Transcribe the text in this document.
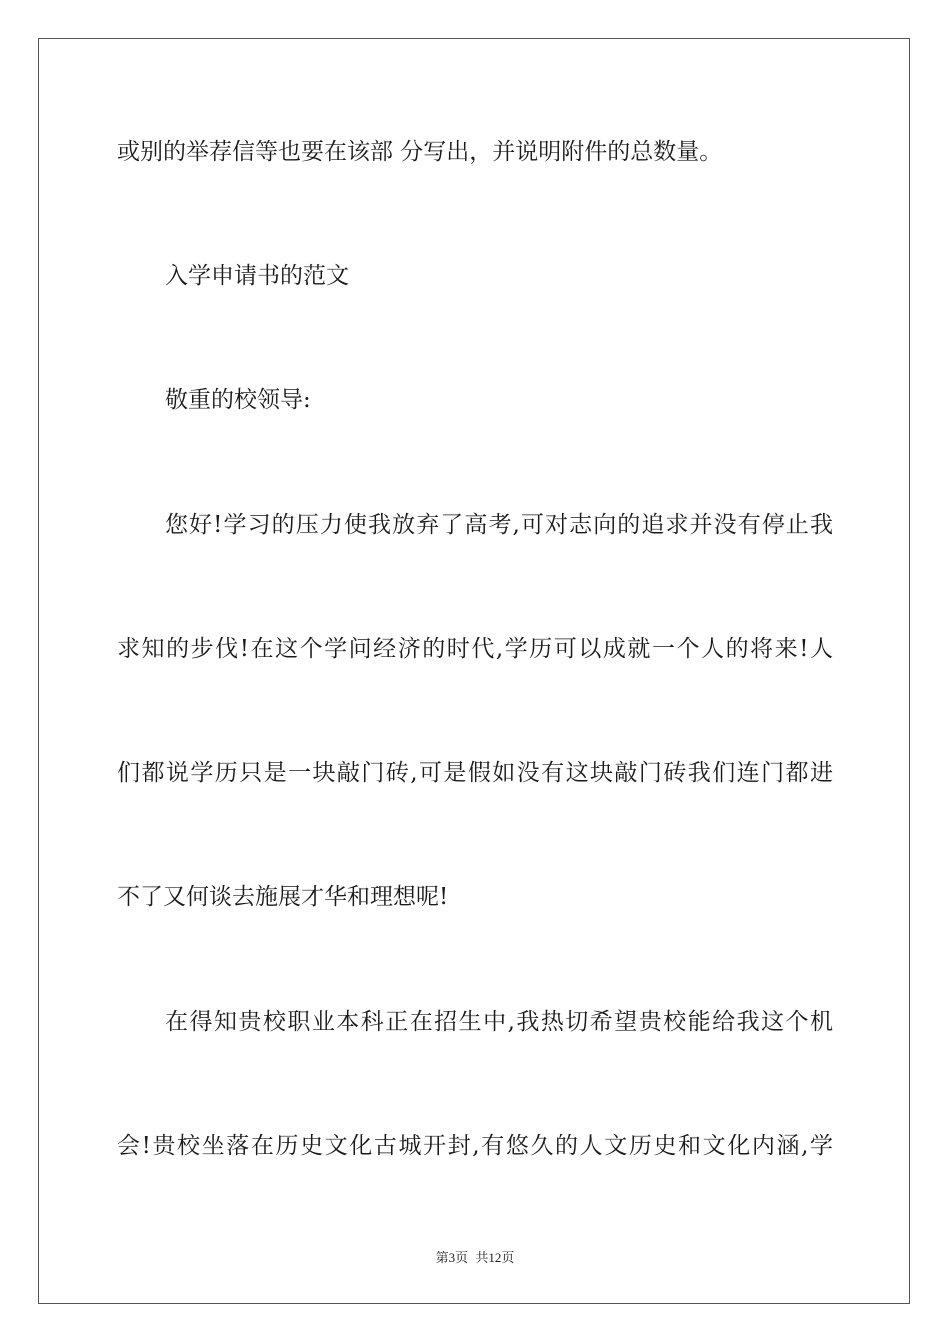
或别的举荐信等也要在该部 分写出，并说明附件的总数量。
入学申请书的范文
敬重的校领导:
您好!学习的压力使我放弃了高考,可对志向的追求并没有停止我
求知的步伐!在这个学问经济的时代,学历可以成就一个人的将来!人
们都说学历只是一块敲门砖,可是假如没有这块敲门砖我们连门都进
不了又何谈去施展才华和理想呢!
在得知贵校职业本科正在招生中,我热切希望贵校能给我这个机
会!贵校坐落在历史文化古城开封,有悠久的人文历史和文化内涵,学
第3页 共12页
